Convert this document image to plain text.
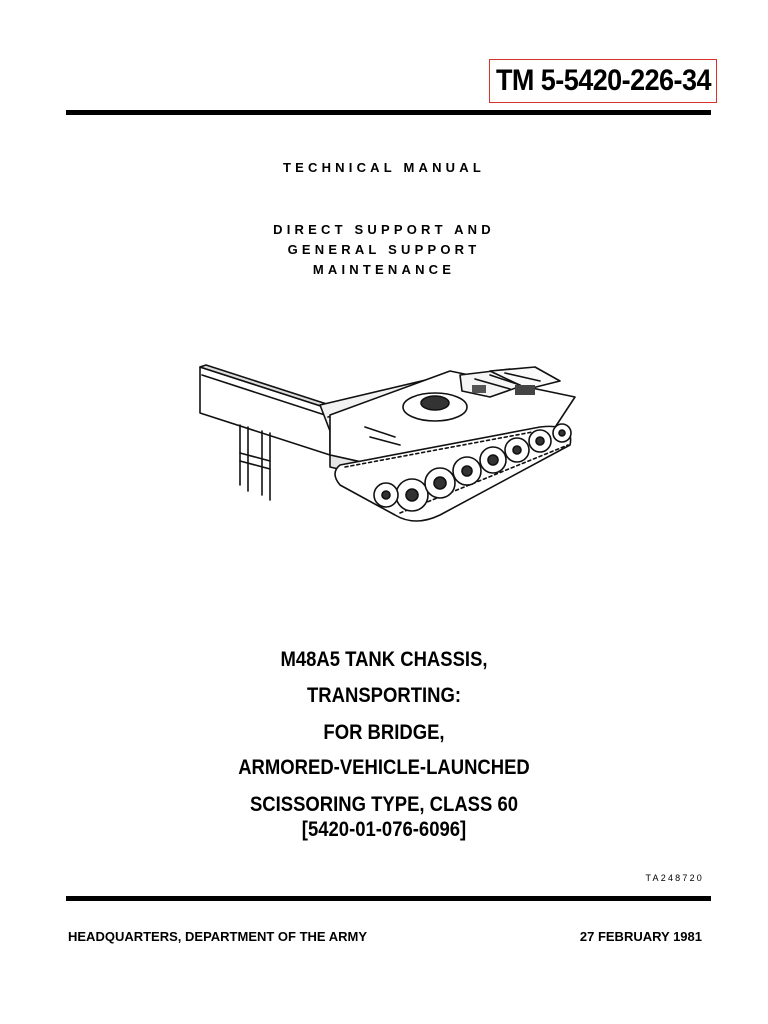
TM 5-5420-226-34
TECHNICAL MANUAL
DIRECT SUPPORT AND
GENERAL SUPPORT
MAINTENANCE
M48A5 TANK CHASSIS,
TRANSPORTING:
FOR BRIDGE,
ARMORED-VEHICLE-LAUNCHED
SCISSORING TYPE, CLASS 60
[5420-01-076-6096]
TA248720
HEADQUARTERS, DEPARTMENT OF THE ARMY	27 FEBRUARY 1981
